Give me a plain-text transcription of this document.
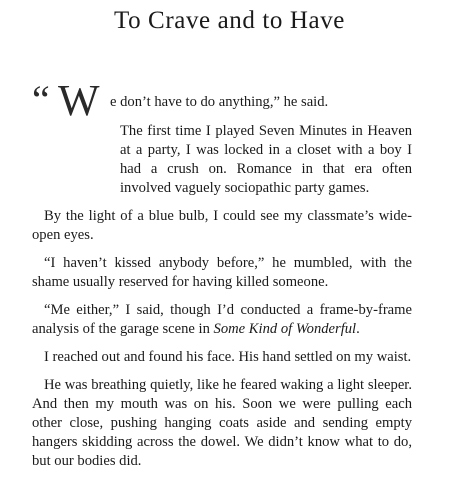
To Crave and to Have
“ W e don’t have to do anything,” he said.

The first time I played Seven Minutes in Heaven at a party, I was locked in a closet with a boy I had a crush on. Romance in that era often involved vaguely sociopathic party games.

By the light of a blue bulb, I could see my classmate’s wide-open eyes.

“I haven’t kissed anybody before,” he mumbled, with the shame usually reserved for having killed someone.

“Me either,” I said, though I’d conducted a frame-by-frame analysis of the garage scene in Some Kind of Wonderful.

I reached out and found his face. His hand settled on my waist.

He was breathing quietly, like he feared waking a light sleeper. And then my mouth was on his. Soon we were pulling each other close, pushing hanging coats aside and sending empty hangers skidding across the dowel. We didn’t know what to do, but our bodies did.
